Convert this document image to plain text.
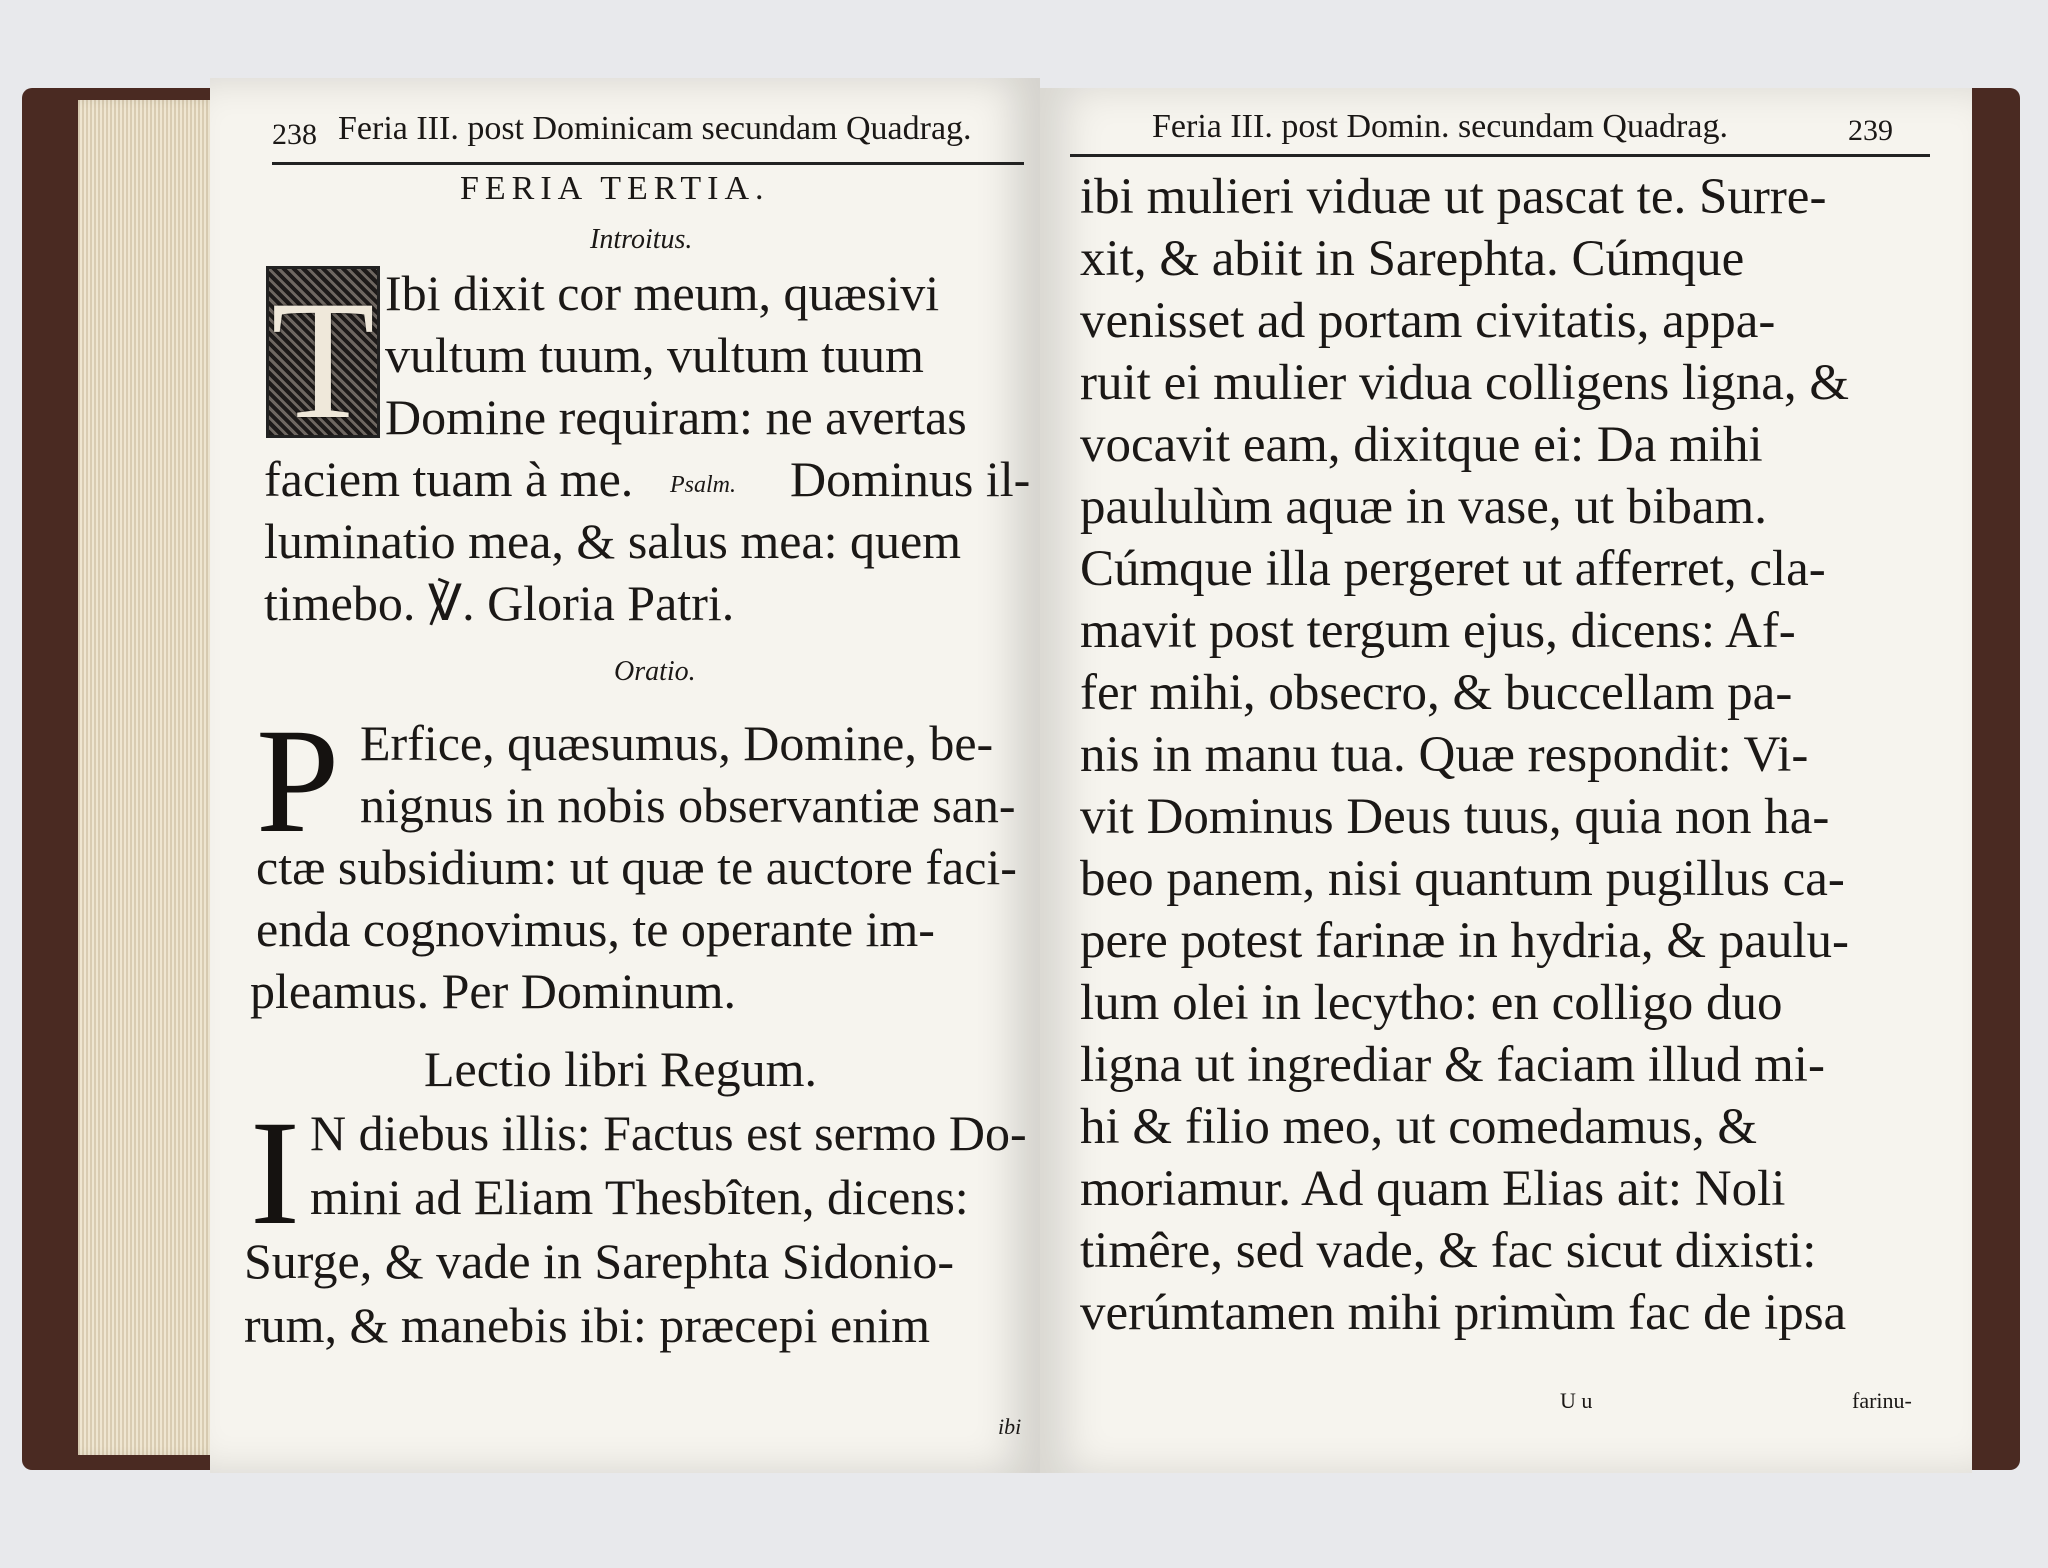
238 Feria III. post Dominicam secundam Quadrag.
FERIA TERTIA.
Introitus.
T Ibi dixit cor meum, quæsivi
vultum tuum, vultum tuum
Domine requiram: ne avertas
faciem tuam à me. Psalm. Dominus il-
luminatio mea, & salus mea: quem
timebo. ℣. Gloria Patri.
Oratio.
P Erfice, quæsumus, Domine, be-
nignus in nobis observantiæ san-
ctæ subsidium: ut quæ te auctore faci-
enda cognovimus, te operante im-
pleamus. Per Dominum.
Lectio libri Regum.
I N diebus illis: Factus est sermo Do-
mini ad Eliam Thesbîten, dicens:
Surge, & vade in Sarephta Sidonio-
rum, & manebis ibi: præcepi enim
ibi
Feria III. post Domin. secundam Quadrag.	239
ibi mulieri viduæ ut pascat te. Surre-
xit, & abiit in Sarephta. Cúmque
venisset ad portam civitatis, appa-
ruit ei mulier vidua colligens ligna, &
vocavit eam, dixitque ei: Da mihi
paululùm aquæ in vase, ut bibam.
Cúmque illa pergeret ut afferret, cla-
mavit post tergum ejus, dicens: Af-
fer mihi, obsecro, & buccellam pa-
nis in manu tua. Quæ respondit: Vi-
vit Dominus Deus tuus, quia non ha-
beo panem, nisi quantum pugillus ca-
pere potest farinæ in hydria, & paulu-
lum olei in lecytho: en colligo duo
ligna ut ingrediar & faciam illud mi-
hi & filio meo, ut comedamus, &
moriamur. Ad quam Elias ait: Noli
timêre, sed vade, & fac sicut dixisti:
verúmtamen mihi primùm fac de ipsa
U u	farinu-
